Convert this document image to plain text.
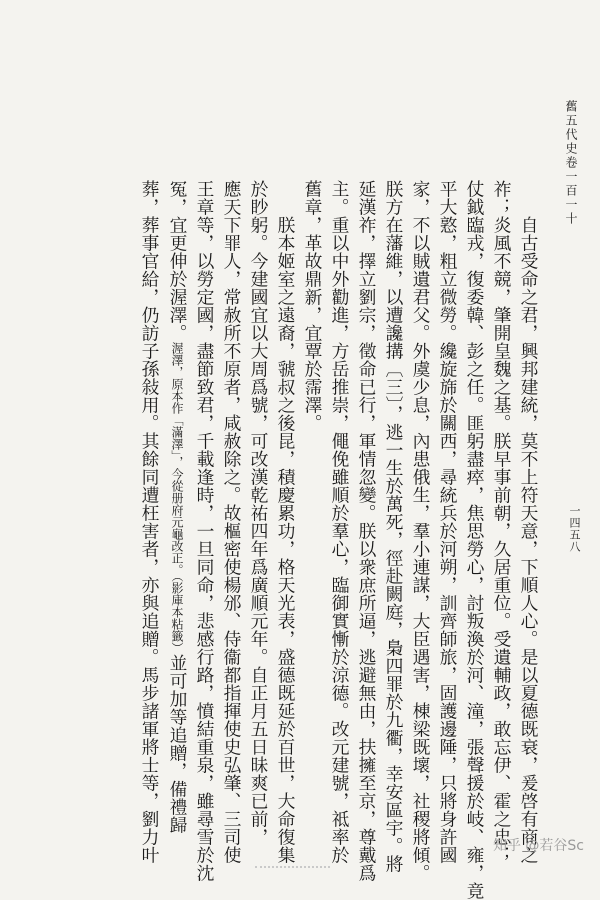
舊五代史卷一百一十
一四五八
自古受命之君，興邦建統，莫不上符天意，下順人心。是以夏德既衰，爰啓有商之
祚；炎風不競，肇開皇魏之基。朕早事前朝，久居重位。受遺輔政，敢忘伊、霍之忠；
仗鉞臨戎，復委韓、彭之任。匪躬盡瘁，焦思勞心，討叛渙於河、潼，張聲援於岐、雍，竟
平大憝，粗立微勞。纔旋旆於關西，尋統兵於河朔，訓齊師旅，固護邊陲，只將身許國
家，不以賊遺君父。外虞少息，內患俄生，羣小連謀，大臣遇害，棟梁既壞，社稷將傾。
朕方在藩維，以遭讒搆〔三〕，逃一生於萬死，徑赴闕庭，梟四罪於九衢，幸安區宇。將
延漢祚，擇立劉宗，徵命已行，軍情忽變。朕以衆庶所逼，逃避無由，扶擁至京，尊戴爲
主。重以中外勸進，方岳推崇，僶俛雖順於羣心，臨御實慚於涼德。改元建號，祗率於
舊章，革故鼎新，宜覃於霈澤。
朕本姬室之遠裔，虢叔之後昆，積慶累功，格天光表，盛德既延於百世，大命復集
於眇躬。今建國宜以大周爲號，可改漢乾祐四年爲廣順元年。自正月五日昧爽已前，
應天下罪人，常赦所不原者，咸赦除之。故樞密使楊邠、侍衞都指揮使史弘肇、三司使
王章等，以勞定國，盡節致君，千載逢時，一旦同命，悲感行路，憤結重泉，雖尋雪於沈
冤，宜更伸於渥澤。渥澤，原本作「滿澤」，今從册府元龜改正。（影庫本粘籤）並可加等追贈，備禮歸
葬，葬事官給，仍訪子孫敍用。其餘同遭枉害者，亦與追贈。馬步諸軍將士等，劉力叶	知乎 @若谷Sc
